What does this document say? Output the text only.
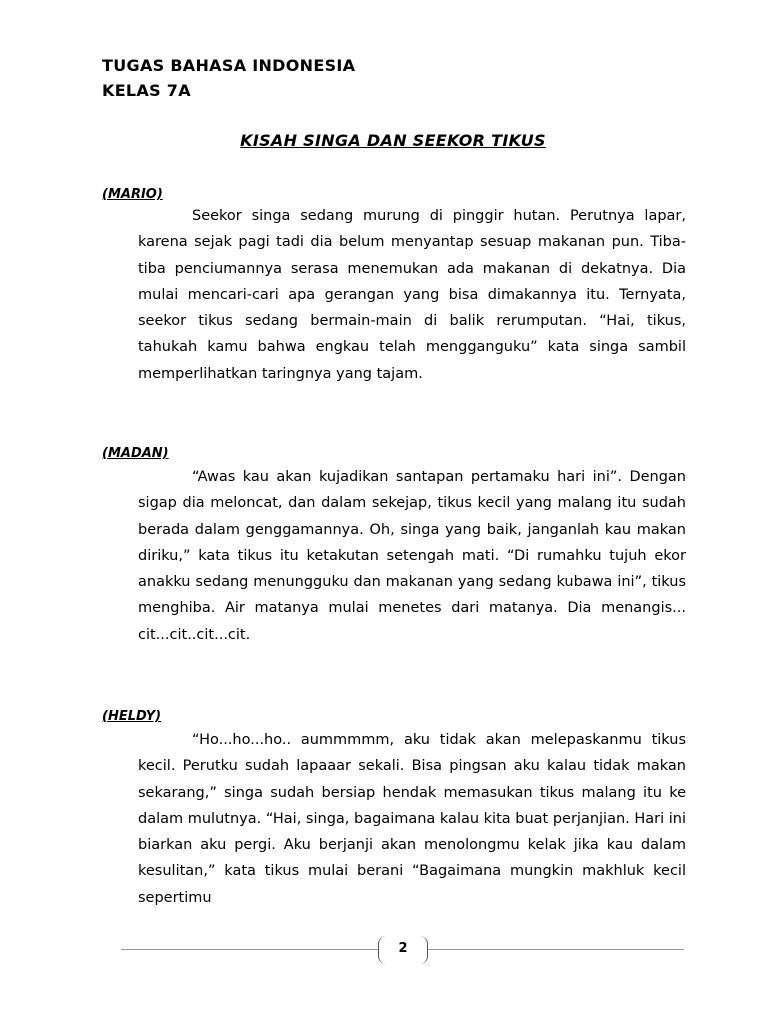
TUGAS BAHASA INDONESIA
KELAS 7A
KISAH SINGA DAN SEEKOR TIKUS
(MARIO)
Seekor singa sedang murung di pinggir hutan. Perutnya lapar, karena sejak pagi tadi dia belum menyantap sesuap makanan pun. Tiba-tiba penciumannya serasa menemukan ada makanan di dekatnya. Dia mulai mencari-cari apa gerangan yang bisa dimakannya itu. Ternyata, seekor tikus sedang bermain-main di balik rerumputan. “Hai, tikus, tahukah kamu bahwa engkau telah mengganguku” kata singa sambil memperlihatkan taringnya yang tajam.
(MADAN)
“Awas kau akan kujadikan santapan pertamaku hari ini”. Dengan sigap dia meloncat, dan dalam sekejap, tikus kecil yang malang itu sudah berada dalam genggamannya. Oh, singa yang baik, janganlah kau makan diriku,” kata tikus itu ketakutan setengah mati. “Di rumahku tujuh ekor anakku sedang menungguku dan makanan yang sedang kubawa ini”, tikus menghiba. Air matanya mulai menetes dari matanya. Dia menangis... cit...cit..cit...cit.
(HELDY)
“Ho...ho...ho.. aummmmm, aku tidak akan melepaskanmu tikus kecil. Perutku sudah lapaaar sekali. Bisa pingsan aku kalau tidak makan sekarang,” singa sudah bersiap hendak memasukan tikus malang itu ke dalam mulutnya. “Hai, singa, bagaimana kalau kita buat perjanjian. Hari ini biarkan aku pergi. Aku berjanji akan menolongmu kelak jika kau dalam kesulitan,” kata tikus mulai berani “Bagaimana mungkin makhluk kecil sepertimu
2
